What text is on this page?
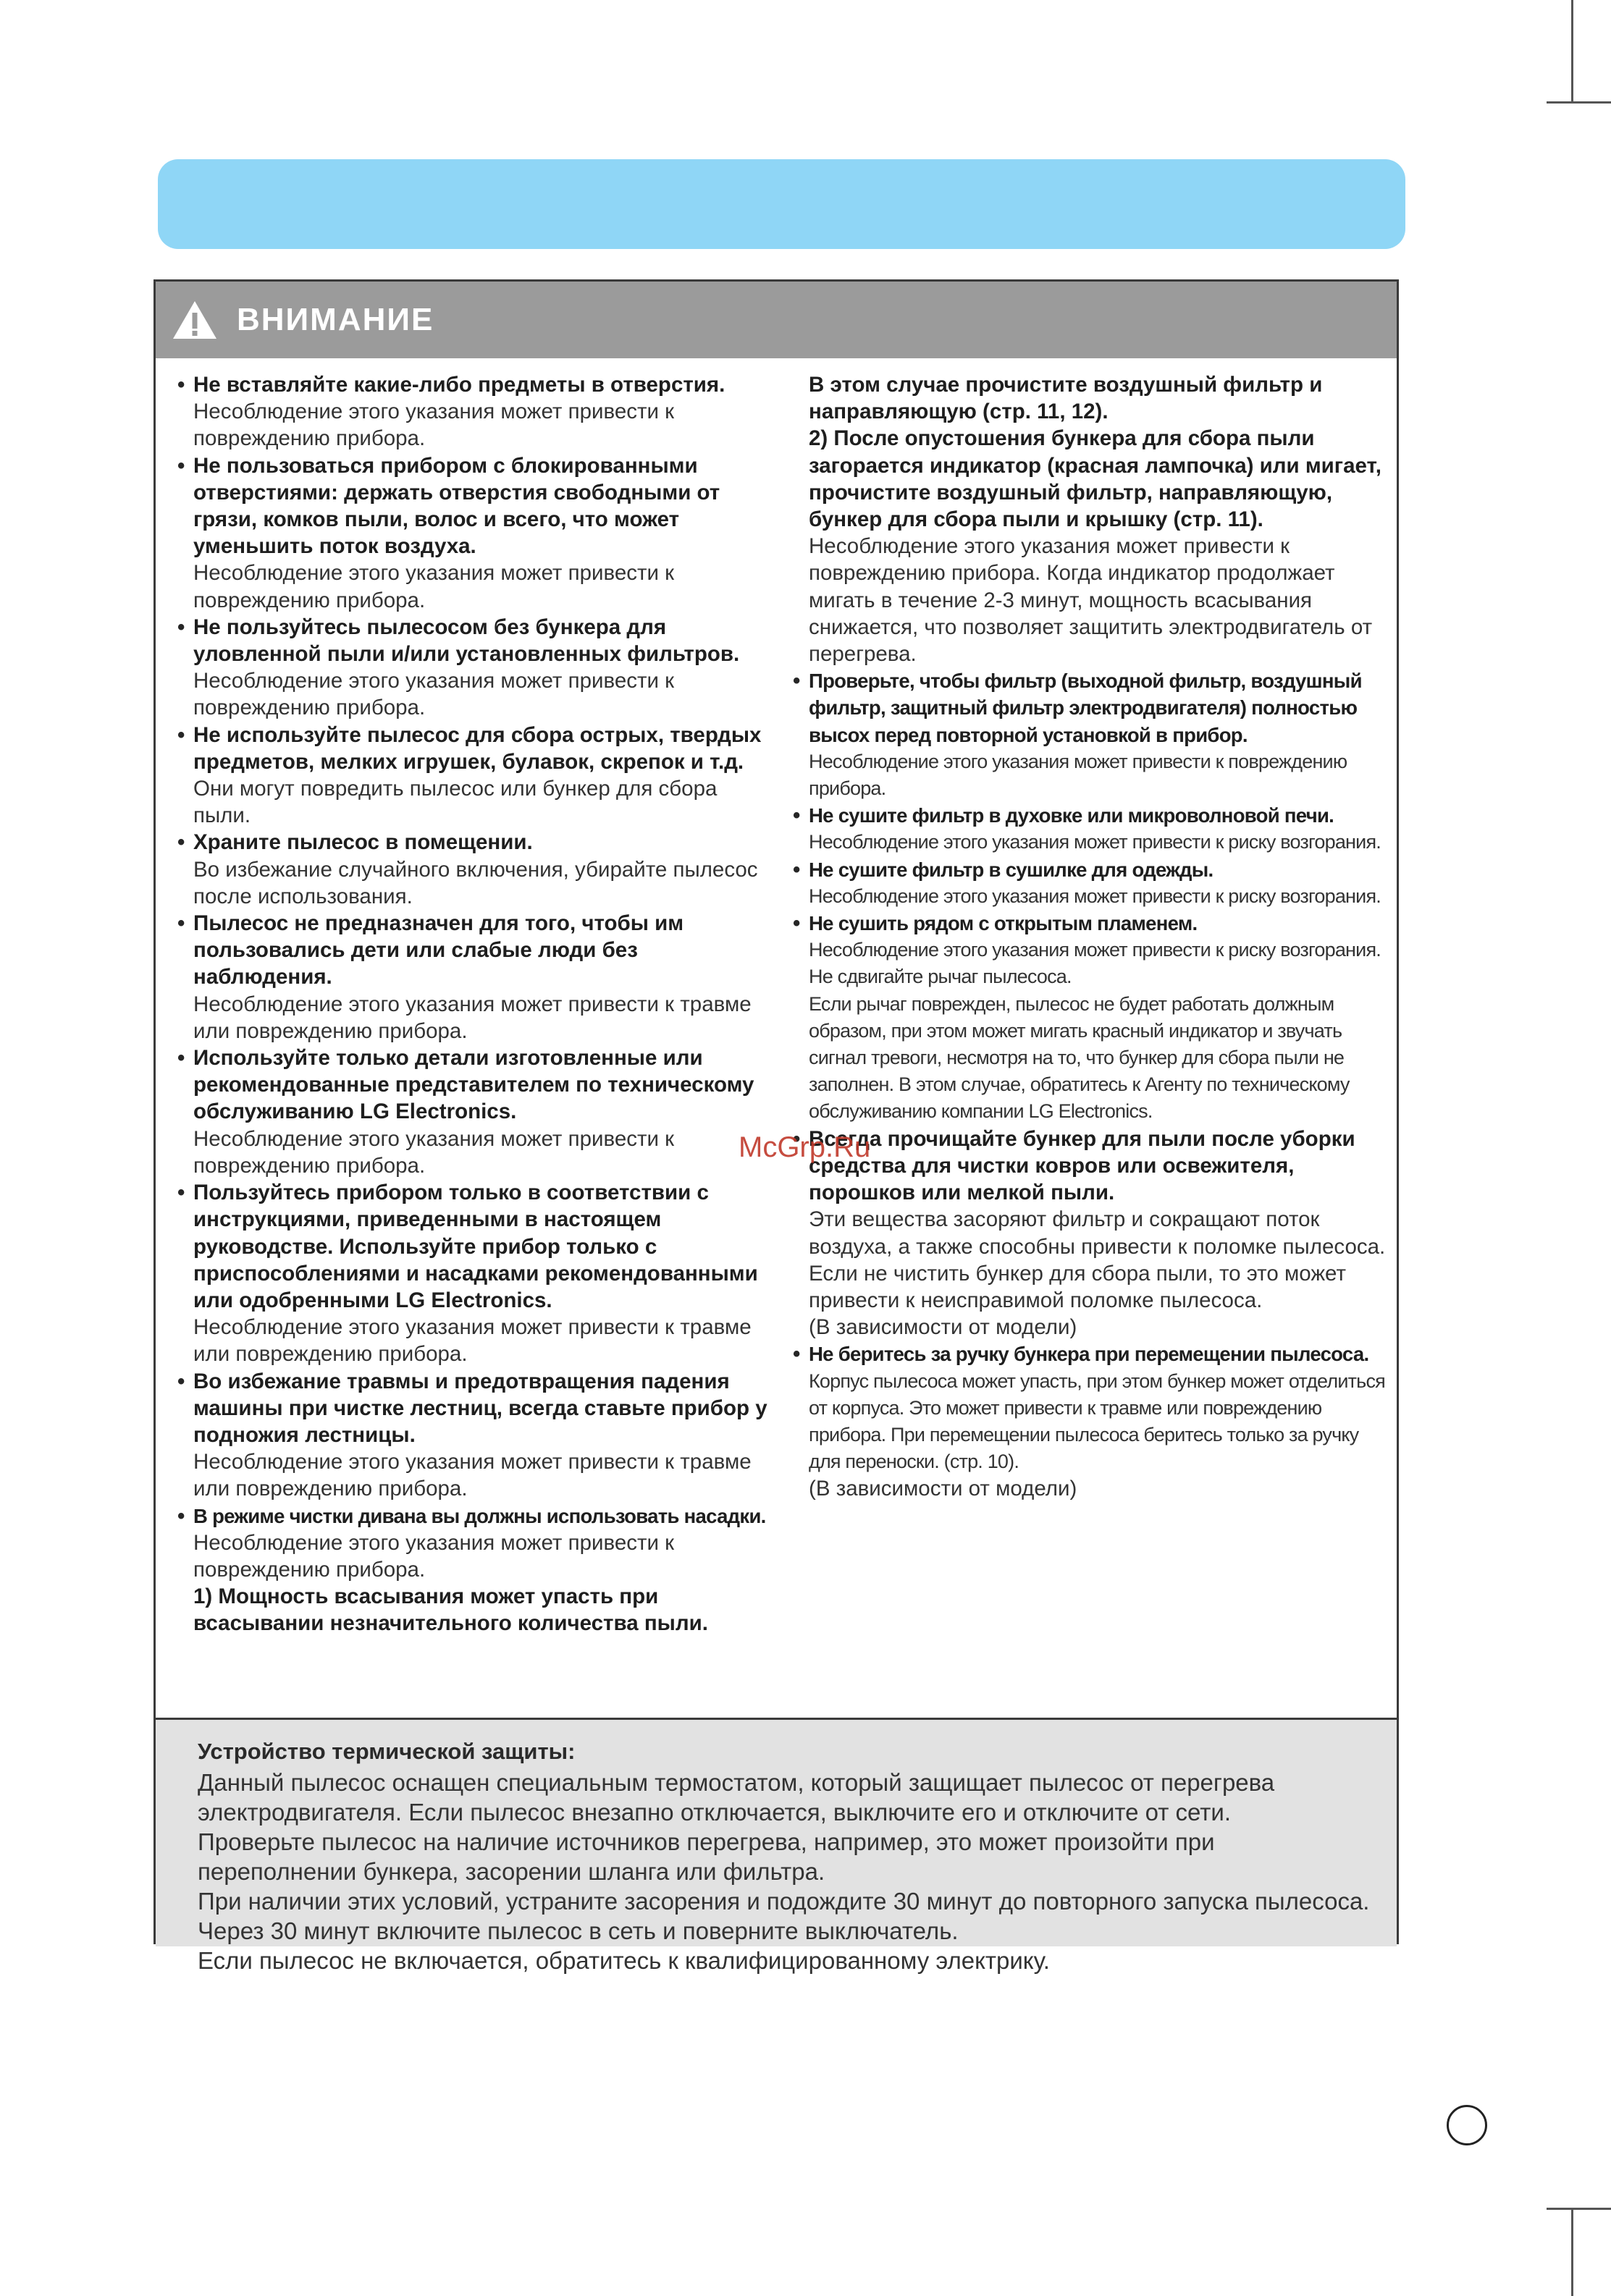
ВНИМАНИЕ
• Не вставляйте какие-либо предметы в отверстия.
Несоблюдение этого указания может привести к повреждению прибора.
• Не пользоваться прибором с блокированными отверстиями: держать отверстия свободными от грязи, комков пыли, волос и всего, что может уменьшить поток воздуха.
Несоблюдение этого указания может привести к повреждению прибора.
• Не пользуйтесь пылесосом без бункера для уловленной пыли и/или установленных фильтров.
Несоблюдение этого указания может привести к повреждению прибора.
• Не используйте пылесос для сбора острых, твердых предметов, мелких игрушек, булавок, скрепок и т.д.
Они могут повредить пылесос или бункер для сбора пыли.
• Храните пылесос в помещении.
Во избежание случайного включения, убирайте пылесос после использования.
• Пылесос не предназначен для того, чтобы им пользовались дети или слабые люди без наблюдения.
Несоблюдение этого указания может привести к травме или повреждению прибора.
• Используйте только детали изготовленные или рекомендованные представителем по техническому обслуживанию LG Electronics.
Несоблюдение этого указания может привести к повреждению прибора.
• Пользуйтесь прибором только в соответствии с инструкциями, приведенными в настоящем руководстве. Используйте прибор только с приспособлениями и насадками рекомендованными или одобренными LG Electronics.
Несоблюдение этого указания может привести к травме или повреждению прибора.
• Во избежание травмы и предотвращения падения машины при чистке лестниц, всегда ставьте прибор у подножия лестницы.
Несоблюдение этого указания может привести к травме или повреждению прибора.
• В режиме чистки дивана вы должны использовать насадки.
Несоблюдение этого указания может привести к повреждению прибора.
1) Мощность всасывания может упасть при всасывании незначительного количества пыли.
В этом случае прочистите воздушный фильтр и направляющую (стр. 11, 12).
2) После опустошения бункера для сбора пыли загорается индикатор (красная лампочка) или мигает, прочистите воздушный фильтр, направляющую, бункер для сбора пыли и крышку (стр. 11).
Несоблюдение этого указания может привести к повреждению прибора. Когда индикатор продолжает мигать в течение 2-3 минут, мощность всасывания снижается, что позволяет защитить электродвигатель от перегрева.
• Проверьте, чтобы фильтр (выходной фильтр, воздушный фильтр, защитный фильтр электродвигателя) полностью высох перед повторной установкой в прибор.
Несоблюдение этого указания может привести к повреждению прибора.
• Не сушите фильтр в духовке или микроволновой печи.
Несоблюдение этого указания может привести к риску возгорания.
• Не сушите фильтр в сушилке для одежды.
Несоблюдение этого указания может привести к риску возгорания.
• Не сушить рядом с открытым пламенем.
Несоблюдение этого указания может привести к риску возгорания.
Не сдвигайте рычаг пылесоса.
Если рычаг поврежден, пылесос не будет работать должным образом, при этом может мигать красный индикатор и звучать сигнал тревоги, несмотря на то, что бункер для сбора пыли не заполнен. В этом случае, обратитесь к Агенту по техническому обслуживанию компании LG Electronics.
• Всегда прочищайте бункер для пыли после уборки средства для чистки ковров или освежителя, порошков или мелкой пыли.
Эти вещества засоряют фильтр и сокращают поток воздуха, а также способны привести к поломке пылесоса. Если не чистить бункер для сбора пыли, то это может привести к неисправимой поломке пылесоса.
(В зависимости от модели)
• Не беритесь за ручку бункера при перемещении пылесоса.
Корпус пылесоса может упасть, при этом бункер может отделиться от корпуса. Это может привести к травме или повреждению прибора. При перемещении пылесоса беритесь только за ручку для переноски. (стр. 10).
(В зависимости от модели)
Устройство термической защиты:
Данный пылесос оснащен специальным термостатом, который защищает пылесос от перегрева
электродвигателя. Если пылесос внезапно отключается, выключите его и отключите от сети.
Проверьте пылесос на наличие источников перегрева, например, это может произойти при
переполнении бункера, засорении шланга или фильтра.
При наличии этих условий, устраните засорения и подождите 30 минут до повторного запуска пылесоса.
Через 30 минут включите пылесос в сеть и поверните выключатель.
Если пылесос не включается, обратитесь к квалифицированному электрику.
McGrp.Ru
